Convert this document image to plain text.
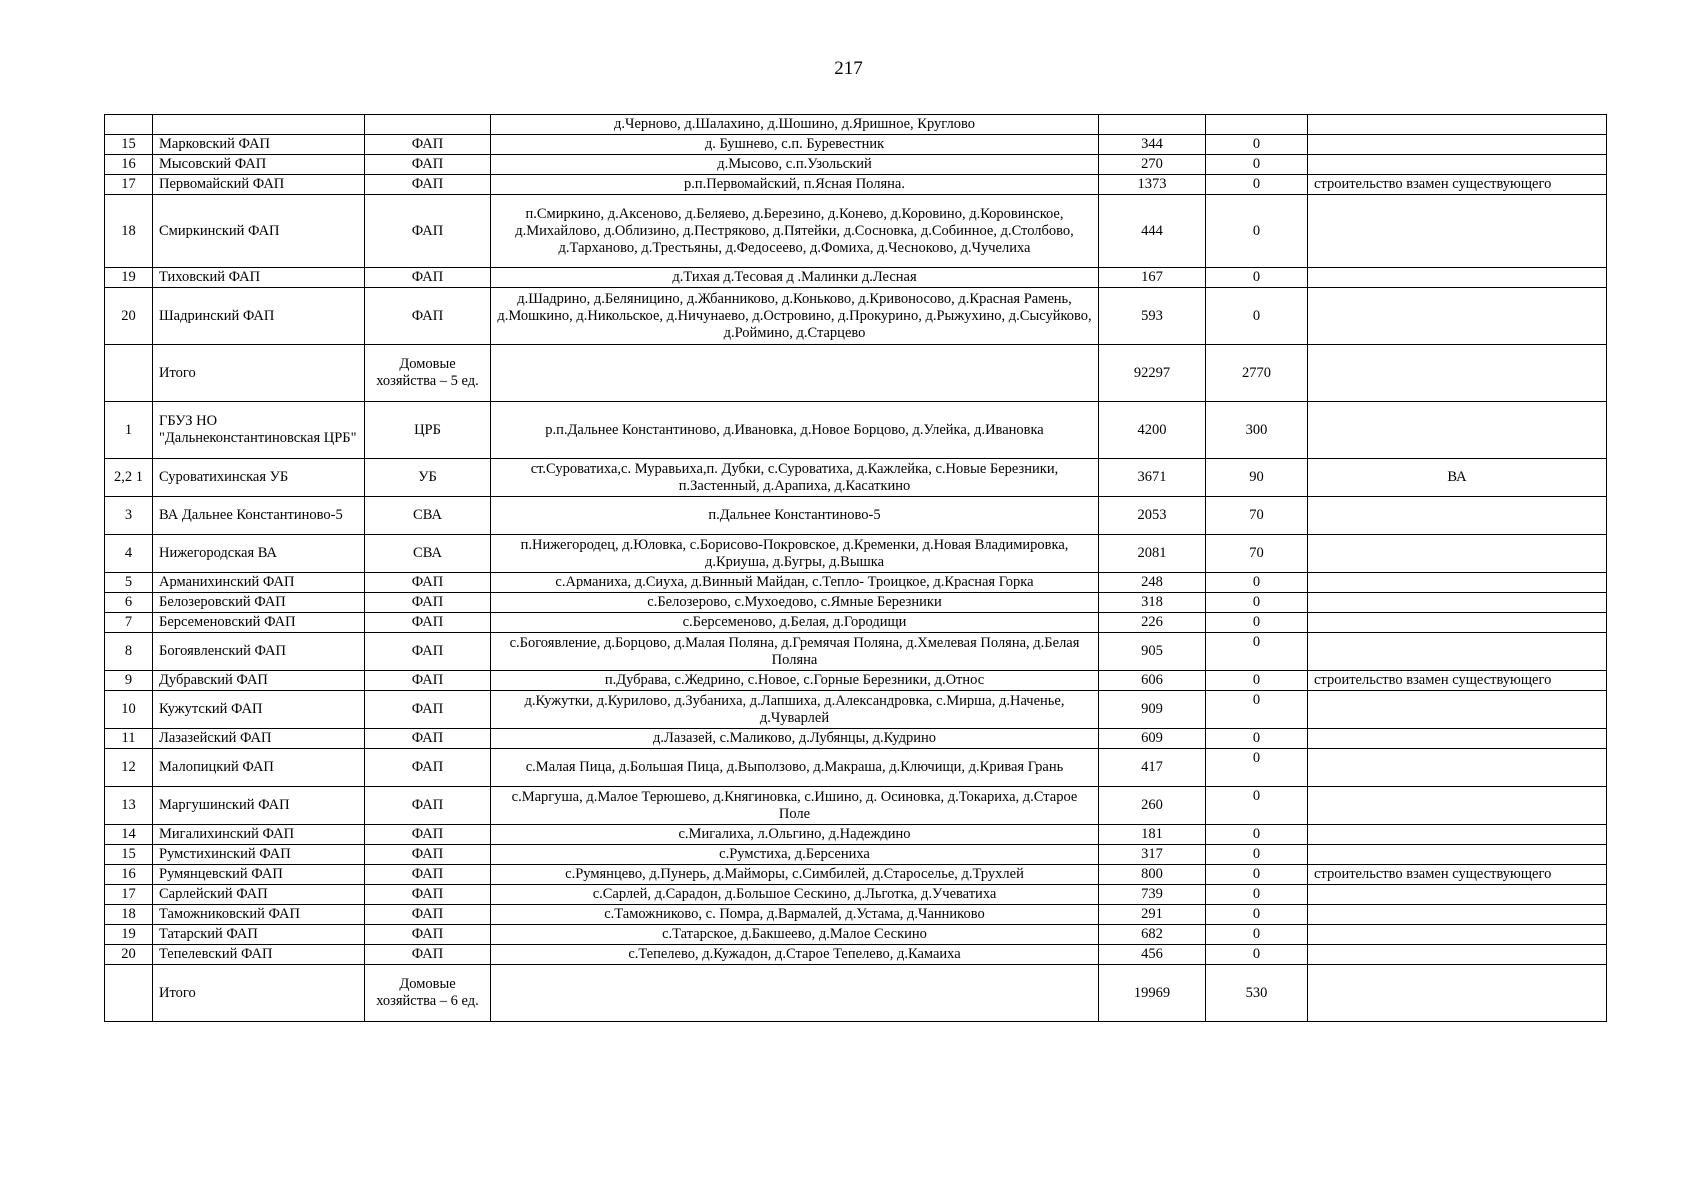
217
			д.Черново, д.Шалахино, д.Шошино, д.Яришное, Круглово			
15	Марковский ФАП	ФАП	д. Бушнево, с.п. Буревестник	344	0	
16	Мысовский ФАП	ФАП	д.Мысово, с.п.Узольский	270	0	
17	Первомайский ФАП	ФАП	р.п.Первомайский, п.Ясная Поляна.	1373	0	строительство взамен существующего
18	Смиркинский ФАП	ФАП	п.Смиркино, д.Аксеново, д.Беляево, д.Березино, д.Конево, д.Коровино, д.Коровинское, д.Михайлово, д.Облизино, д.Пестряково, д.Пятейки, д.Сосновка, д.Собинное, д.Столбово, д.Тарханово, д.Трестьяны, д.Федосеево, д.Фомиха, д.Чесноково, д.Чучелиха	444	0	
19	Тиховский ФАП	ФАП	д.Тихая д.Тесовая д .Малинки д.Лесная	167	0	
20	Шадринский ФАП	ФАП	д.Шадрино, д.Беляницино, д.Жбанниково, д.Коньково, д.Кривоносово, д.Красная Рамень, д.Мошкино, д.Никольское, д.Ничунаево, д.Островино, д.Прокурино, д.Рыжухино, д.Сысуйково, д.Роймино, д.Старцево	593	0	
	Итого	Домовые хозяйства – 5 ед.		92297	2770	
1	ГБУЗ НО "Дальнеконстантиновская ЦРБ"	ЦРБ	р.п.Дальнее Константиново, д.Ивановка, д.Новое Борцово, д.Улейка, д.Ивановка	4200	300	
2,2 1	Суроватихинская УБ	УБ	ст.Суроватиха,с. Муравьиха,п. Дубки, с.Суроватиха, д.Кажлейка, с.Новые Березники, п.Застенный, д.Арапиха, д.Касаткино	3671	90	ВА
3	ВА Дальнее Константиново-5	СВА	п.Дальнее Константиново-5	2053	70	
4	Нижегородская ВА	СВА	п.Нижегородец, д.Юловка, с.Борисово-Покровское, д.Кременки, д.Новая Владимировка, д.Криуша, д.Бугры, д.Вышка	2081	70	
5	Арманихинский ФАП	ФАП	с.Арманиха, д.Сиуха, д.Винный Майдан, с.Тепло- Троицкое, д.Красная Горка	248	0	
6	Белозеровский ФАП	ФАП	с.Белозерово, с.Мухоедово, с.Ямные Березники	318	0	
7	Берсеменовский ФАП	ФАП	с.Берсеменово, д.Белая, д.Городищи	226	0	
8	Богоявленский ФАП	ФАП	с.Богоявление, д.Борцово, д.Малая Поляна, д.Гремячая Поляна, д.Хмелевая Поляна, д.Белая Поляна	905	0	
9	Дубравский ФАП	ФАП	п.Дубрава, с.Жедрино, с.Новое, с.Горные Березники, д.Относ	606	0	строительство взамен существующего
10	Кужутский ФАП	ФАП	д.Кужутки, д.Курилово, д.Зубаниха, д.Лапшиха, д.Александровка, с.Мирша, д.Наченье, д.Чуварлей	909	0	
11	Лазазейский ФАП	ФАП	д.Лазазей, с.Маликово, д.Лубянцы, д.Кудрино	609	0	
12	Малопицкий ФАП	ФАП	с.Малая Пица, д.Большая Пица, д.Выползово, д.Макраша, д.Ключищи, д.Кривая Грань	417	0	
13	Маргушинский ФАП	ФАП	с.Маргуша, д.Малое Терюшево, д.Княгиновка, с.Ишино, д. Осиновка, д.Токариха, д.Старое Поле	260	0	
14	Мигалихинский ФАП	ФАП	с.Мигалиха, л.Ольгино, д.Надеждино	181	0	
15	Румстихинский ФАП	ФАП	с.Румстиха, д.Берсениха	317	0	
16	Румянцевский ФАП	ФАП	с.Румянцево, д.Пунерь, д.Майморы, с.Симбилей, д.Староселье, д.Трухлей	800	0	строительство взамен существующего
17	Сарлейский ФАП	ФАП	с.Сарлей, д.Сарадон, д.Большое Сескино, д.Льготка, д.Учеватиха	739	0	
18	Таможниковский ФАП	ФАП	с.Таможниково, с. Помра, д.Вармалей, д.Устама, д.Чанниково	291	0	
19	Татарский ФАП	ФАП	с.Татарское, д.Бакшеево, д.Малое Сескино	682	0	
20	Тепелевский ФАП	ФАП	с.Тепелево, д.Кужадон, д.Старое Тепелево, д.Камаиха	456	0	
	Итого	Домовые хозяйства – 6 ед.		19969	530	
